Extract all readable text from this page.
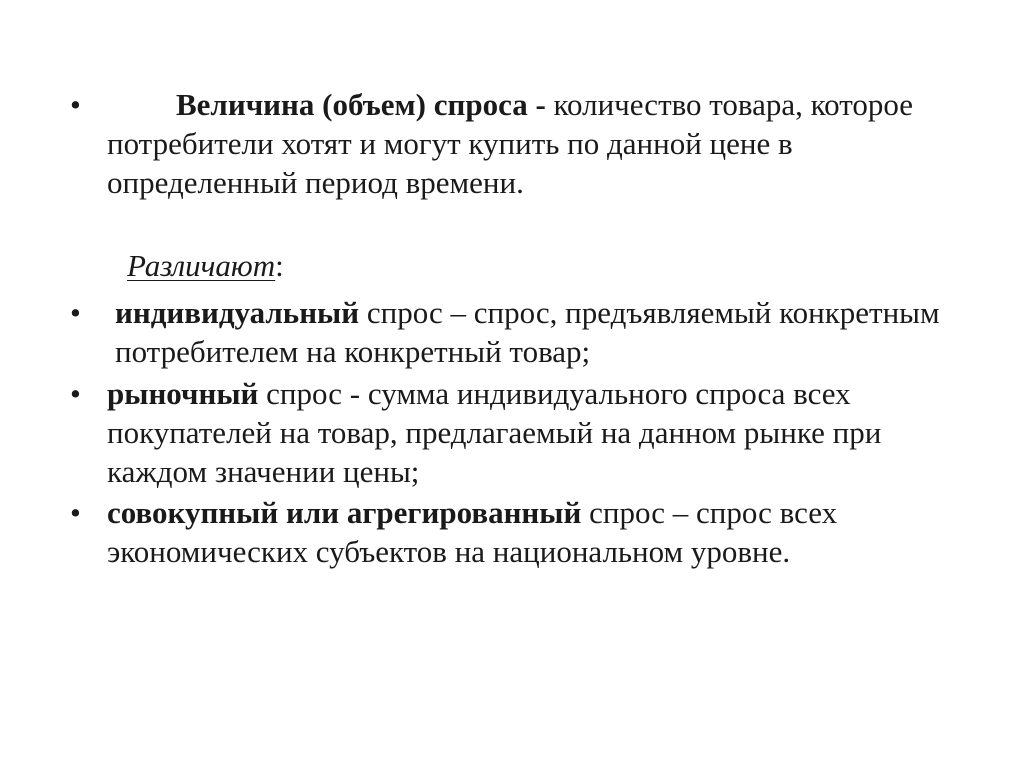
•	Величина (объем) спроса - количество товара, которое потребители хотят и могут купить по данной цене в определенный период времени.
Различают:
• индивидуальный спрос – спрос, предъявляемый конкретным потребителем на конкретный товар;
• рыночный спрос - сумма индивидуального спроса всех покупателей на товар, предлагаемый на данном рынке при каждом значении цены;
• совокупный или агрегированный спрос – спрос всех экономических субъектов на национальном уровне.
